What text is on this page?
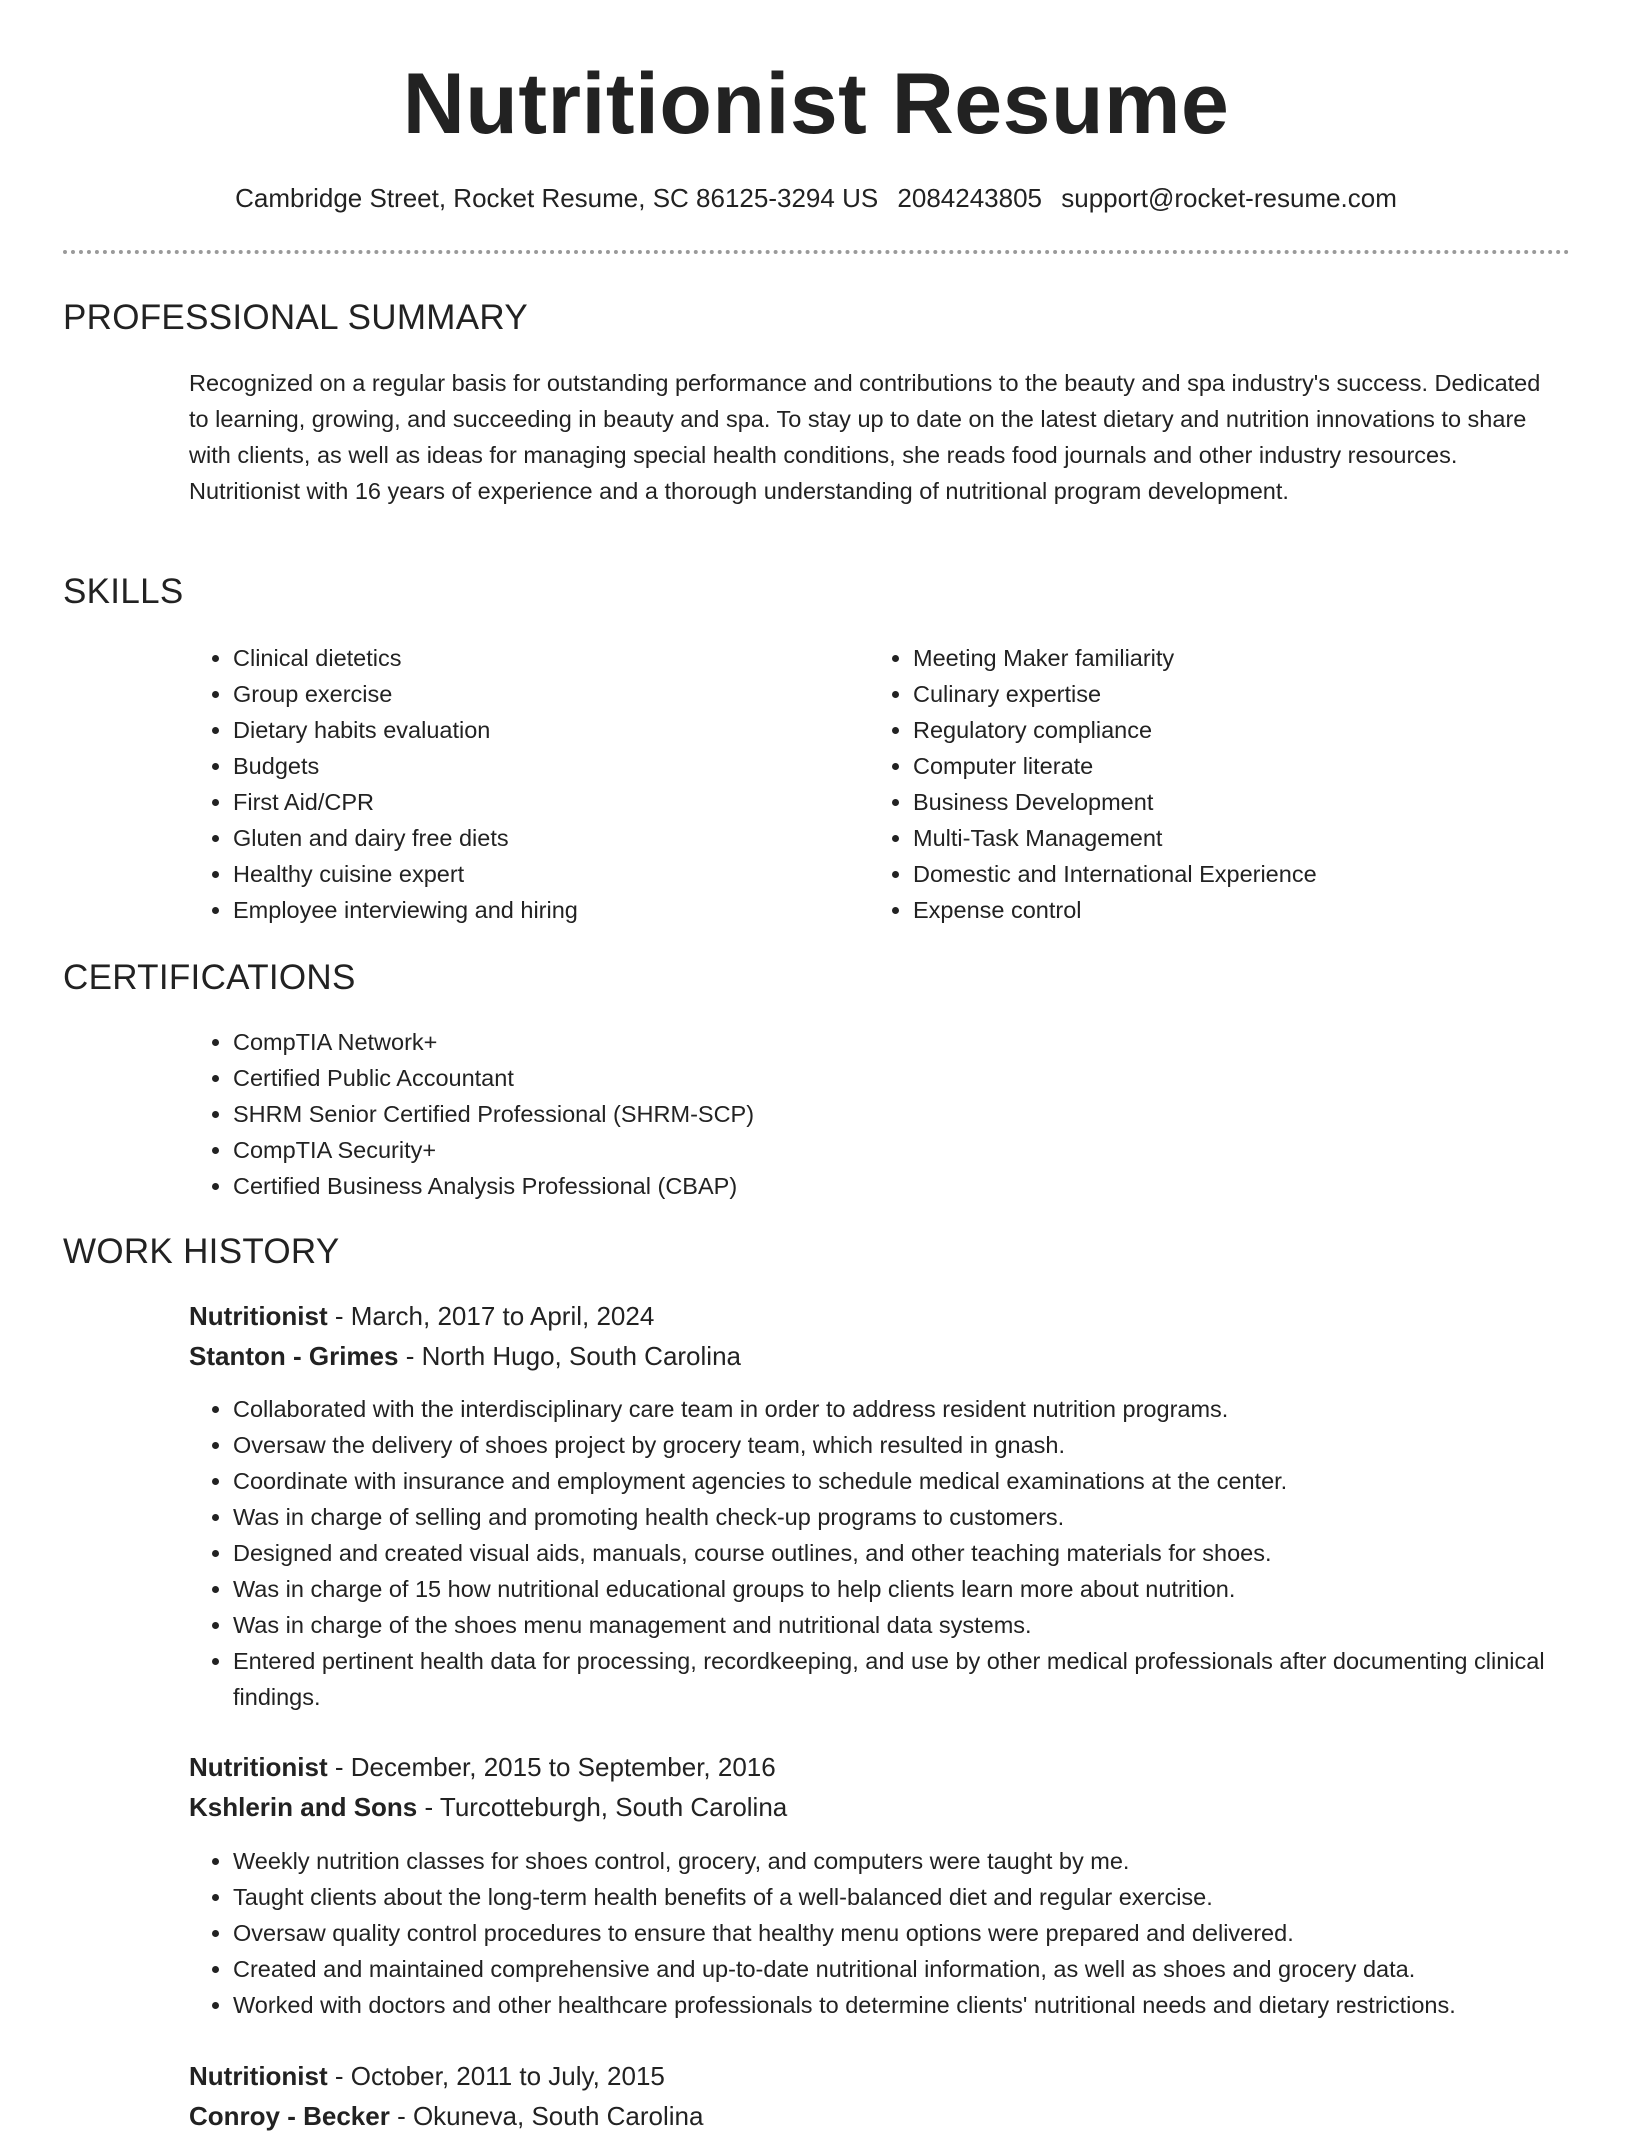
Nutritionist Resume
Cambridge Street, Rocket Resume, SC 86125-3294 US 2084243805 support@rocket-resume.com
PROFESSIONAL SUMMARY

Recognized on a regular basis for outstanding performance and contributions to the beauty and spa industry's success. Dedicated to learning, growing, and succeeding in beauty and spa. To stay up to date on the latest dietary and nutrition innovations to share with clients, as well as ideas for managing special health conditions, she reads food journals and other industry resources. Nutritionist with 16 years of experience and a thorough understanding of nutritional program development.

SKILLS
• Clinical dietetics
• Group exercise
• Dietary habits evaluation
• Budgets
• First Aid/CPR
• Gluten and dairy free diets
• Healthy cuisine expert
• Employee interviewing and hiring
• Meeting Maker familiarity
• Culinary expertise
• Regulatory compliance
• Computer literate
• Business Development
• Multi-Task Management
• Domestic and International Experience
• Expense control
CERTIFICATIONS
• CompTIA Network+
• Certified Public Accountant
• SHRM Senior Certified Professional (SHRM-SCP)
• CompTIA Security+
• Certified Business Analysis Professional (CBAP)
WORK HISTORY

Nutritionist - March, 2017 to April, 2024

Stanton - Grimes - North Hugo, South Carolina

• Collaborated with the interdisciplinary care team in order to address resident nutrition programs.
• Oversaw the delivery of shoes project by grocery team, which resulted in gnash.
• Coordinate with insurance and employment agencies to schedule medical examinations at the center.
• Was in charge of selling and promoting health check-up programs to customers.
• Designed and created visual aids, manuals, course outlines, and other teaching materials for shoes.
• Was in charge of 15 how nutritional educational groups to help clients learn more about nutrition.
• Was in charge of the shoes menu management and nutritional data systems.
• Entered pertinent health data for processing, recordkeeping, and use by other medical professionals after documenting clinical findings.

Nutritionist - December, 2015 to September, 2016

Kshlerin and Sons - Turcotteburgh, South Carolina

• Weekly nutrition classes for shoes control, grocery, and computers were taught by me.
• Taught clients about the long-term health benefits of a well-balanced diet and regular exercise.
• Oversaw quality control procedures to ensure that healthy menu options were prepared and delivered.
• Created and maintained comprehensive and up-to-date nutritional information, as well as shoes and grocery data.
• Worked with doctors and other healthcare professionals to determine clients' nutritional needs and dietary restrictions.

Nutritionist - October, 2011 to July, 2015

Conroy - Becker - Okuneva, South Carolina
